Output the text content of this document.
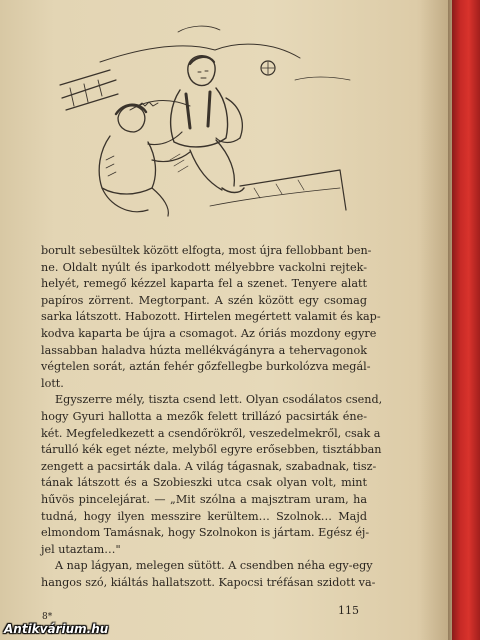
borult sebesültek között elfogta, most újra fellobbant ben-
ne. Oldalt nyúlt és iparkodott mélyebbre vackolni rejtek-
helyét, remegő kézzel kaparta fel a szenet. Tenyere alatt
papíros zörrent. Megtorpant. A szén között egy csomag
sarka látszott. Habozott. Hirtelen megértett valamit és kap-
kodva kaparta be újra a csomagot. Az óriás mozdony egyre
lassabban haladva húzta mellékvágányra a tehervagonok
végtelen sorát, aztán fehér gőzfellegbe burkolózva megál-
lott.
Egyszerre mély, tiszta csend lett. Olyan csodálatos csend,
hogy Gyuri hallotta a mezők felett trillázó pacsirták éne-
két. Megfeledkezett a csendőrökről, veszedelmekről, csak a
tárulló kék eget nézte, melyből egyre erősebben, tisztábban
zengett a pacsirták dala. A világ tágasnak, szabadnak, tisz-
tának látszott és a Szobieszki utca csak olyan volt, mint
hűvös pincelejárat. — „Mit szólna a majsztram uram, ha
tudná, hogy ilyen messzire kerültem… Szolnok… Majd
elmondom Tamásnak, hogy Szolnokon is jártam. Egész éj-
jel utaztam…"
A nap lágyan, melegen sütött. A csendben néha egy-egy
hangos szó, kiáltás hallatszott. Kapocsi tréfásan szidott va-
115
8*
Antikvárium.hu
